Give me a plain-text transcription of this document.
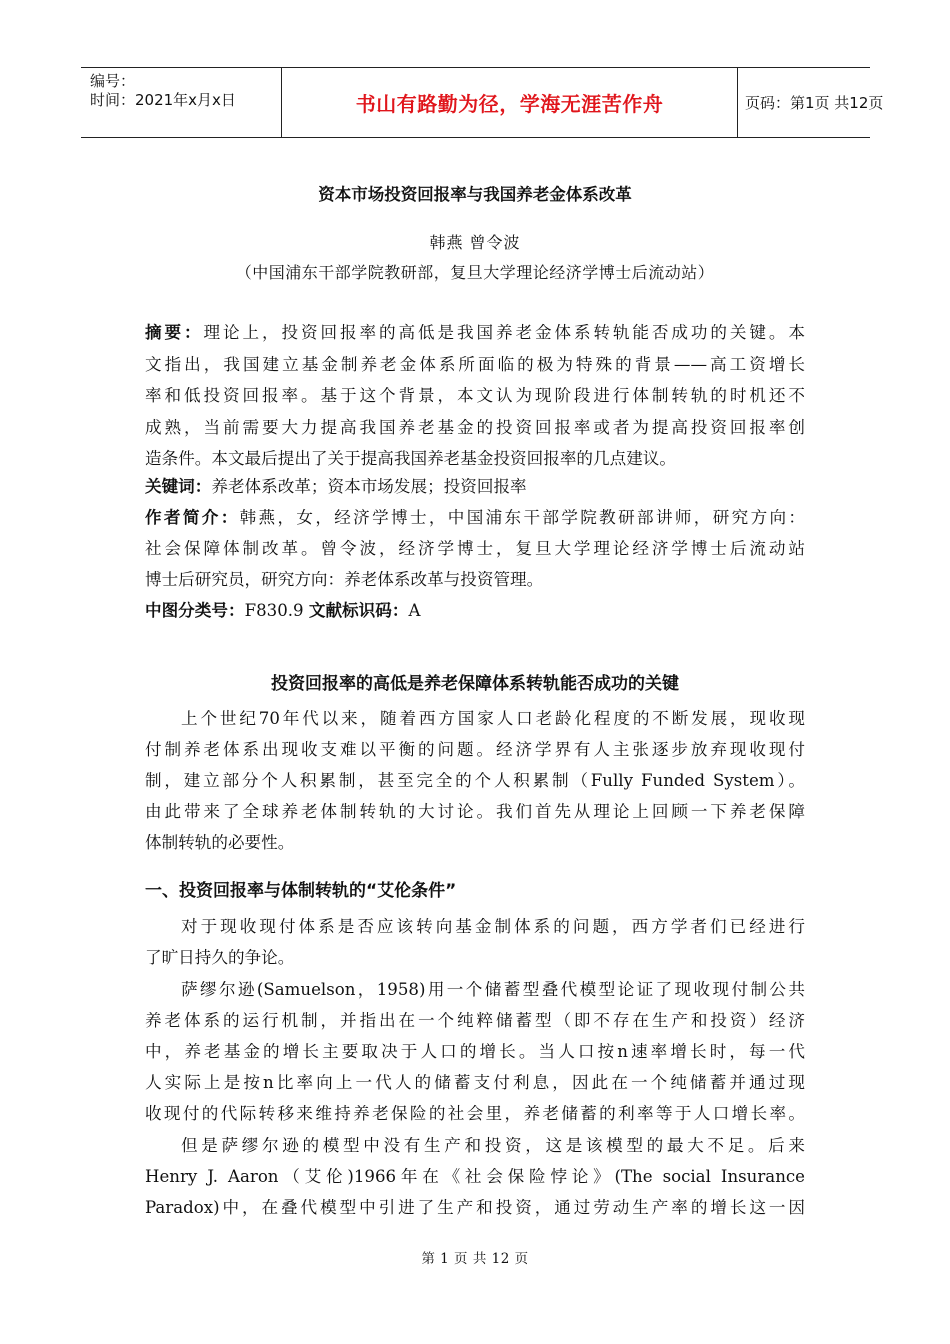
编号：
时间：2021年x月x日	书山有路勤为径，学海无涯苦作舟	页码：第1页 共12页
资本市场投资回报率与我国养老金体系改革
韩燕 曾令波
（中国浦东干部学院教研部，复旦大学理论经济学博士后流动站）
摘要：理论上，投资回报率的高低是我国养老金体系转轨能否成功的关键。本
文指出，我国建立基金制养老金体系所面临的极为特殊的背景——高工资增长
率和低投资回报率。基于这个背景，本文认为现阶段进行体制转轨的时机还不
成熟，当前需要大力提高我国养老基金的投资回报率或者为提高投资回报率创
造条件。本文最后提出了关于提高我国养老基金投资回报率的几点建议。
关键词：养老体系改革；资本市场发展；投资回报率
作者简介：韩燕，女，经济学博士，中国浦东干部学院教研部讲师，研究方向：
社会保障体制改革。曾令波，经济学博士，复旦大学理论经济学博士后流动站
博士后研究员，研究方向：养老体系改革与投资管理。
中图分类号：F830.9 文献标识码：A
投资回报率的高低是养老保障体系转轨能否成功的关键
上个世纪70年代以来，随着西方国家人口老龄化程度的不断发展，现收现
付制养老体系出现收支难以平衡的问题。经济学界有人主张逐步放弃现收现付
制，建立部分个人积累制，甚至完全的个人积累制（Fully Funded System）。
由此带来了全球养老体制转轨的大讨论。我们首先从理论上回顾一下养老保障
体制转轨的必要性。
一、投资回报率与体制转轨的“艾伦条件”
对于现收现付体系是否应该转向基金制体系的问题，西方学者们已经进行
了旷日持久的争论。
萨缪尔逊(Samuelson，1958)用一个储蓄型叠代模型论证了现收现付制公共
养老体系的运行机制，并指出在一个纯粹储蓄型（即不存在生产和投资）经济
中，养老基金的增长主要取决于人口的增长。当人口按n速率增长时，每一代
人实际上是按n比率向上一代人的储蓄支付利息，因此在一个纯储蓄并通过现
收现付的代际转移来维持养老保险的社会里，养老储蓄的利率等于人口增长率。
但是萨缪尔逊的模型中没有生产和投资，这是该模型的最大不足。后来
Henry J. Aaron（艾伦)1966年在《社会保险悖论》(The social Insurance
Paradox)中，在叠代模型中引进了生产和投资，通过劳动生产率的增长这一因
第 1 页 共 12 页
